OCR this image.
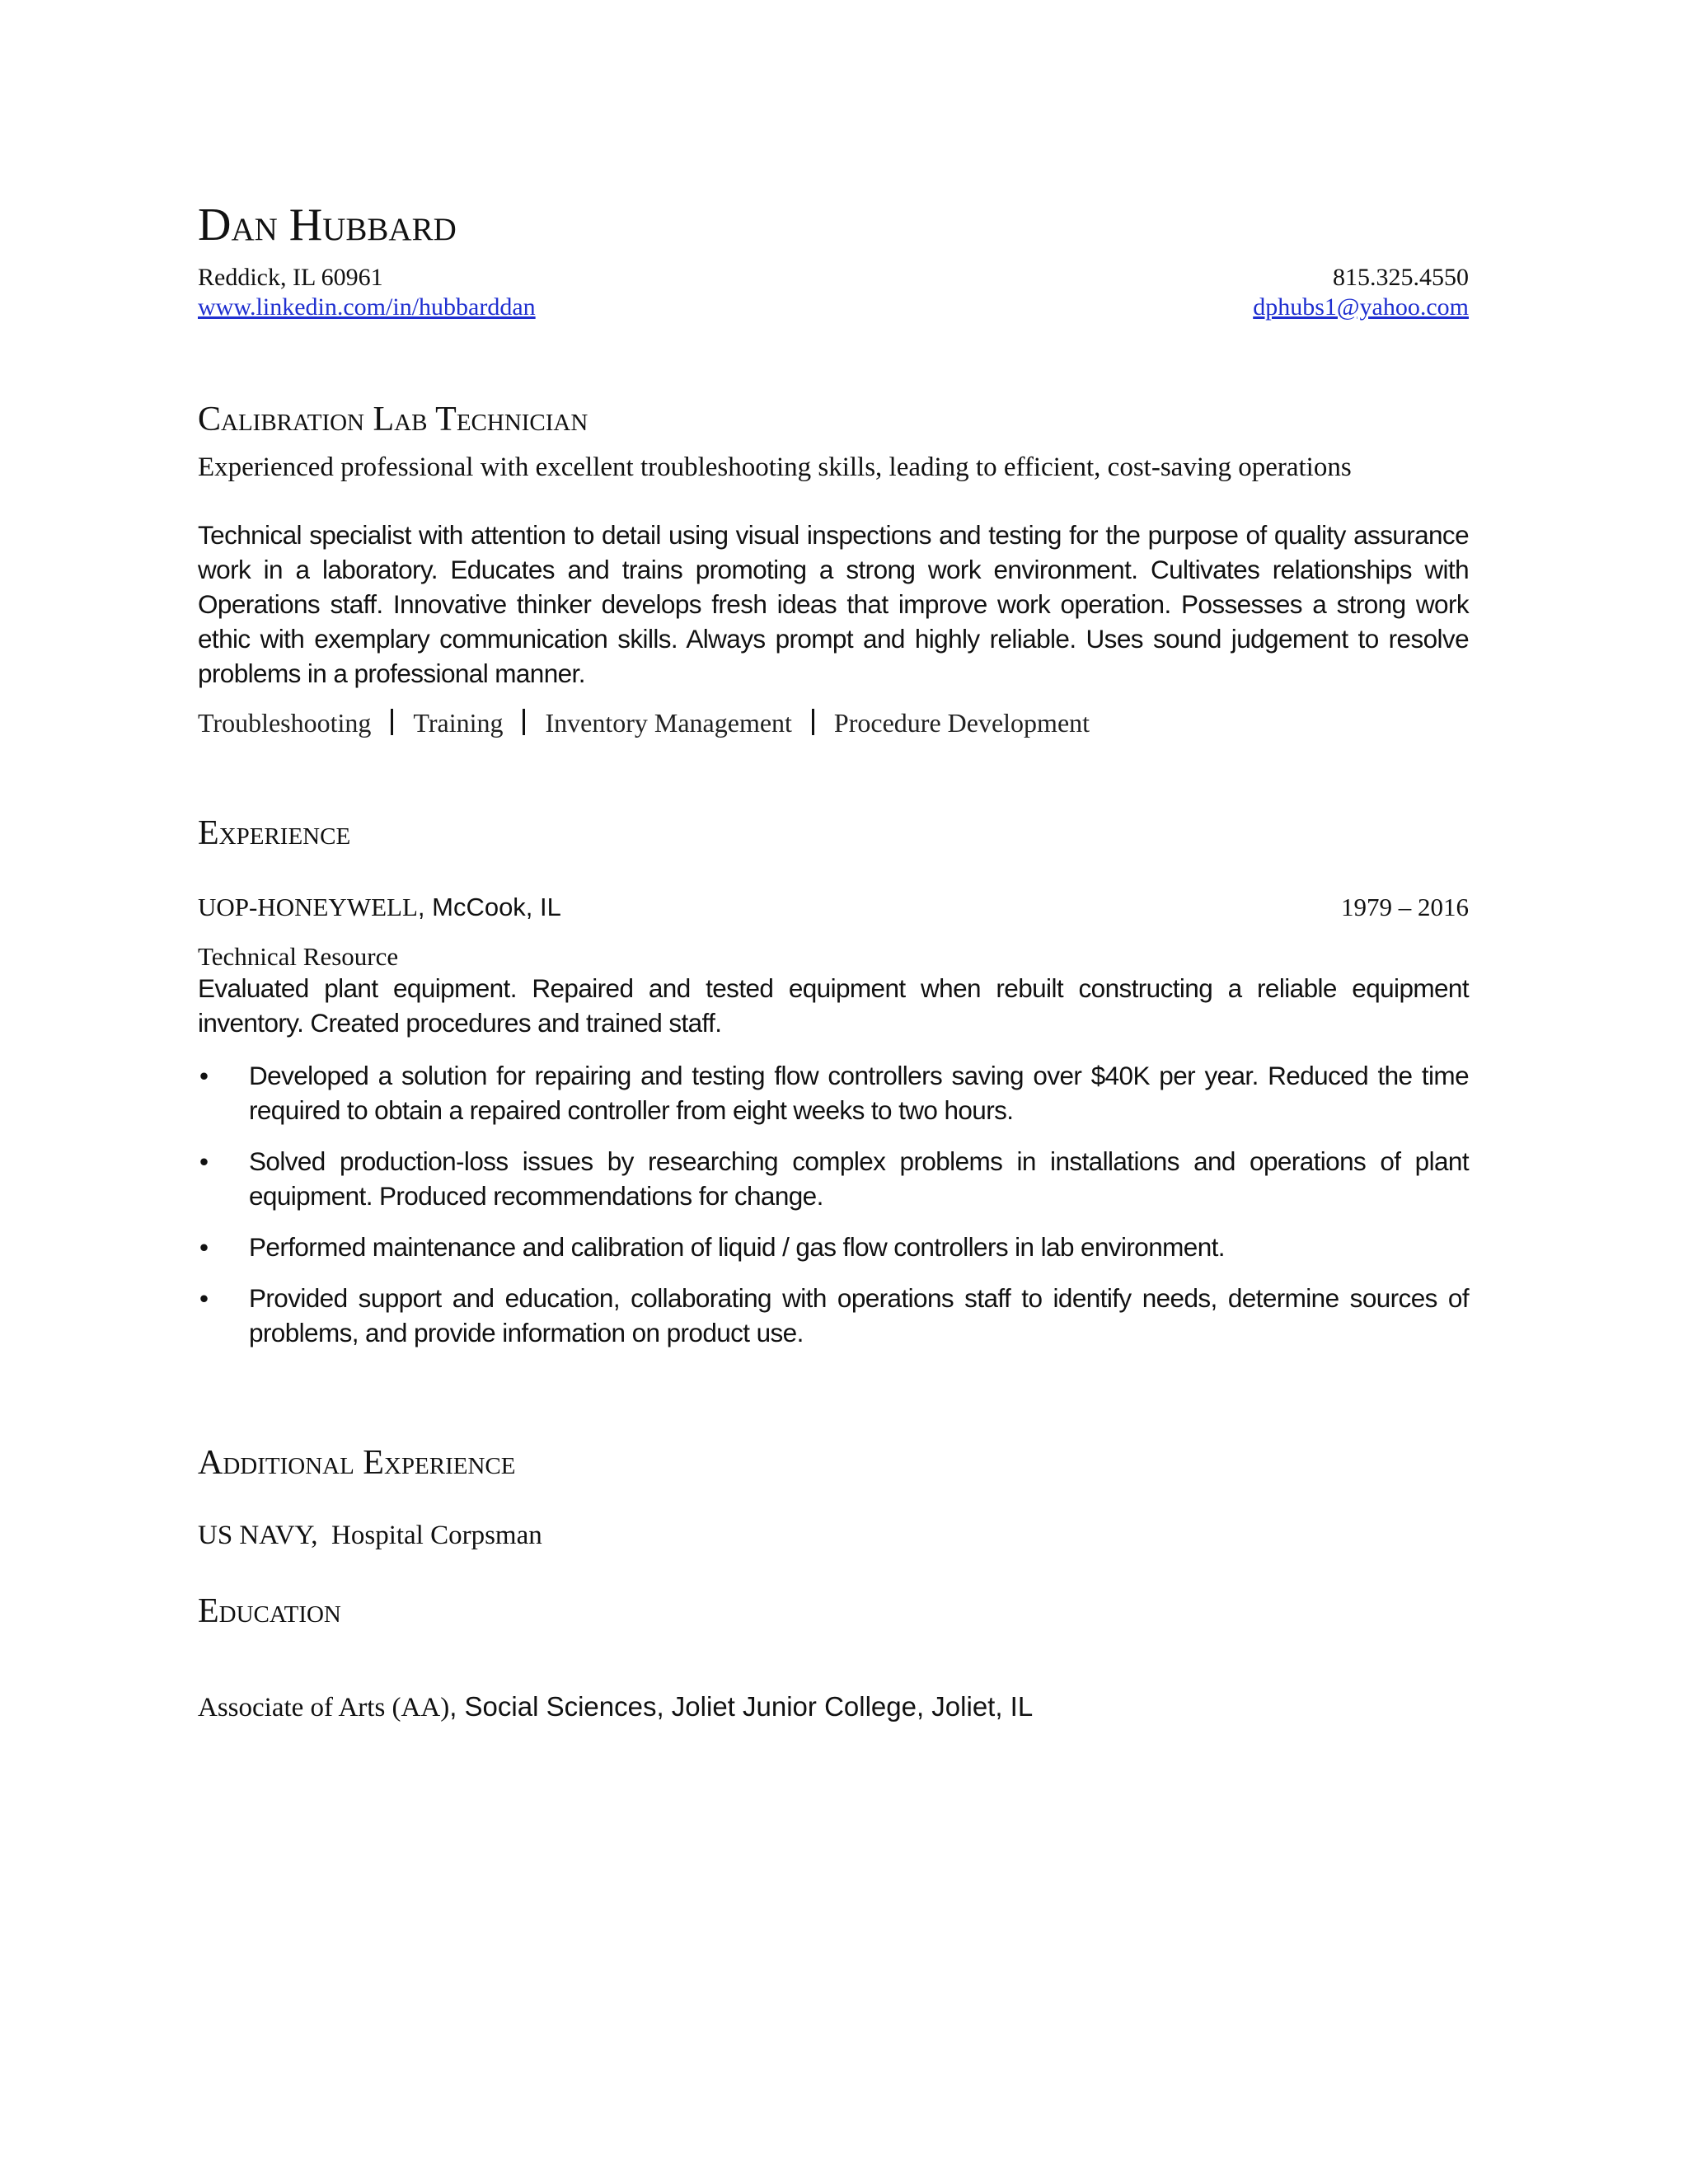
Dan Hubbard
Reddick, IL 60961	815.325.4550
www.linkedin.com/in/hubbarddan	dphubs1@yahoo.com
Calibration Lab Technician
Experienced professional with excellent troubleshooting skills, leading to efficient, cost-saving operations
Technical specialist with attention to detail using visual inspections and testing for the purpose of quality assurance work in a laboratory. Educates and trains promoting a strong work environment. Cultivates relationships with Operations staff. Innovative thinker develops fresh ideas that improve work operation. Possesses a strong work ethic with exemplary communication skills. Always prompt and highly reliable. Uses sound judgement to resolve problems in a professional manner.
Troubleshooting Training Inventory Management Procedure Development
Experience
UOP-HONEYWELL, McCook, IL	1979 – 2016
Technical Resource
Evaluated plant equipment. Repaired and tested equipment when rebuilt constructing a reliable equipment inventory. Created procedures and trained staff.
• Developed a solution for repairing and testing flow controllers saving over $40K per year. Reduced the time required to obtain a repaired controller from eight weeks to two hours.
• Solved production-loss issues by researching complex problems in installations and operations of plant equipment. Produced recommendations for change.
• Performed maintenance and calibration of liquid / gas flow controllers in lab environment.
• Provided support and education, collaborating with operations staff to identify needs, determine sources of problems, and provide information on product use.
Additional Experience
US NAVY,  Hospital Corpsman
Education
Associate of Arts (AA), Social Sciences, Joliet Junior College, Joliet, IL
